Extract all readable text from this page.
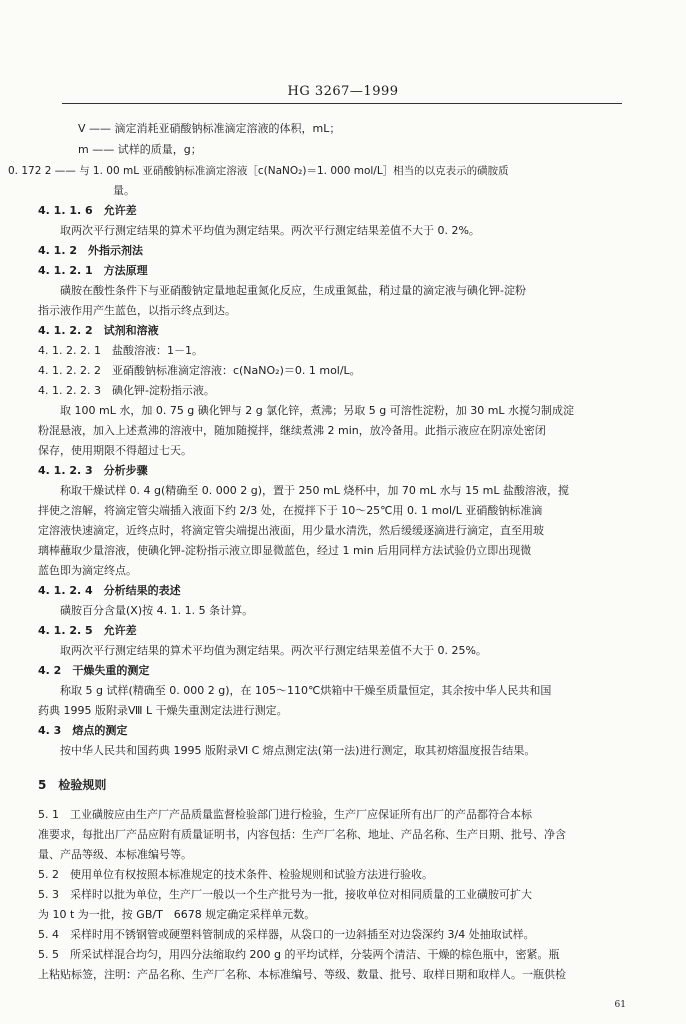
HG 3267—1999
V —— 滴定消耗亚硝酸钠标准滴定溶液的体积，mL；
m —— 试样的质量，g；
0. 172 2 —— 与 1. 00 mL 亚硝酸钠标准滴定溶液［c(NaNO₂)＝1. 000 mol/L］相当的以克表示的磺胺质
量。
4. 1. 1. 6　允许差
取两次平行测定结果的算术平均值为测定结果。两次平行测定结果差值不大于 0. 2%。
4. 1. 2　外指示剂法
4. 1. 2. 1　方法原理
磺胺在酸性条件下与亚硝酸钠定量地起重氮化反应，生成重氮盐，稍过量的滴定液与碘化钾-淀粉
指示液作用产生蓝色，以指示终点到达。
4. 1. 2. 2　试剂和溶液
4. 1. 2. 2. 1　盐酸溶液：1－1。
4. 1. 2. 2. 2　亚硝酸钠标准滴定溶液：c(NaNO₂)＝0. 1 mol/L。
4. 1. 2. 2. 3　碘化钾-淀粉指示液。
取 100 mL 水，加 0. 75 g 碘化钾与 2 g 氯化锌，煮沸；另取 5 g 可溶性淀粉，加 30 mL 水搅匀制成淀
粉混悬液，加入上述煮沸的溶液中，随加随搅拌，继续煮沸 2 min，放冷备用。此指示液应在阴凉处密闭
保存，使用期限不得超过七天。
4. 1. 2. 3　分析步骤
称取干燥试样 0. 4 g(精确至 0. 000 2 g)，置于 250 mL 烧杯中，加 70 mL 水与 15 mL 盐酸溶液，搅
拌使之溶解，将滴定管尖端插入液面下约 2/3 处，在搅拌下于 10～25℃用 0. 1 mol/L 亚硝酸钠标准滴
定溶液快速滴定，近终点时，将滴定管尖端提出液面，用少量水清洗，然后缓缓逐滴进行滴定，直至用玻
璃棒蘸取少量溶液，使碘化钾-淀粉指示液立即显微蓝色，经过 1 min 后用同样方法试验仍立即出现微
蓝色即为滴定终点。
4. 1. 2. 4　分析结果的表述
磺胺百分含量(X)按 4. 1. 1. 5 条计算。
4. 1. 2. 5　允许差
取两次平行测定结果的算术平均值为测定结果。两次平行测定结果差值不大于 0. 25%。
4. 2　干燥失重的测定
称取 5 g 试样(精确至 0. 000 2 g)，在 105～110℃烘箱中干燥至质量恒定，其余按中华人民共和国
药典 1995 版附录Ⅷ L 干燥失重测定法进行测定。
4. 3　熔点的测定
按中华人民共和国药典 1995 版附录Ⅵ C 熔点测定法(第一法)进行测定，取其初熔温度报告结果。
5　检验规则
5. 1　工业磺胺应由生产厂产品质量监督检验部门进行检验，生产厂应保证所有出厂的产品都符合本标
准要求，每批出厂产品应附有质量证明书，内容包括：生产厂名称、地址、产品名称、生产日期、批号、净含
量、产品等级、本标准编号等。
5. 2　使用单位有权按照本标准规定的技术条件、检验规则和试验方法进行验收。
5. 3　采样时以批为单位，生产厂一般以一个生产批号为一批，接收单位对相同质量的工业磺胺可扩大
为 10 t 为一批，按 GB/T　6678 规定确定采样单元数。
5. 4　采样时用不锈钢管或硬塑料管制成的采样器，从袋口的一边斜插至对边袋深约 3/4 处抽取试样。
5. 5　所采试样混合均匀，用四分法缩取约 200 g 的平均试样，分装两个清洁、干燥的棕色瓶中，密紧。瓶
上粘贴标签，注明：产品名称、生产厂名称、本标准编号、等级、数量、批号、取样日期和取样人。一瓶供检
61
